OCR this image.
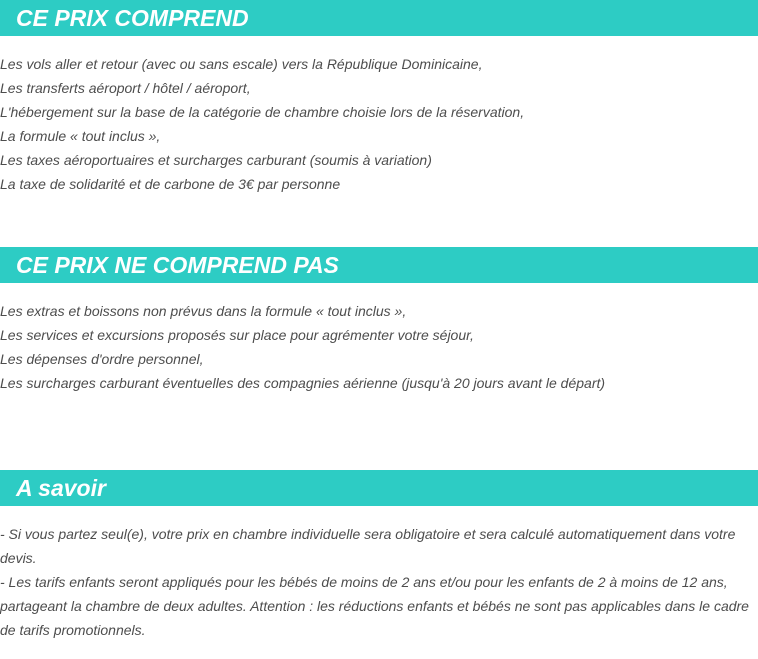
CE PRIX COMPREND
Les vols aller et retour (avec ou sans escale) vers la République Dominicaine,
Les transferts aéroport / hôtel / aéroport,
L'hébergement sur la base de la catégorie de chambre choisie lors de la réservation,
La formule « tout inclus »,
Les taxes aéroportuaires et surcharges carburant (soumis à variation)
La taxe de solidarité et de carbone de 3€ par personne
CE PRIX NE COMPREND PAS
Les extras et boissons non prévus dans la formule « tout inclus »,
Les services et excursions proposés sur place pour agrémenter votre séjour,
Les dépenses d'ordre personnel,
Les surcharges carburant éventuelles des compagnies aérienne (jusqu'à 20 jours avant le départ)
A savoir

- Si vous partez seul(e), votre prix en chambre individuelle sera obligatoire et sera calculé automatiquement dans votre devis.

- Les tarifs enfants seront appliqués pour les bébés de moins de 2 ans et/ou pour les enfants de 2 à moins de 12 ans, partageant la chambre de deux adultes. Attention : les réductions enfants et bébés ne sont pas applicables dans le cadre de tarifs promotionnels.
